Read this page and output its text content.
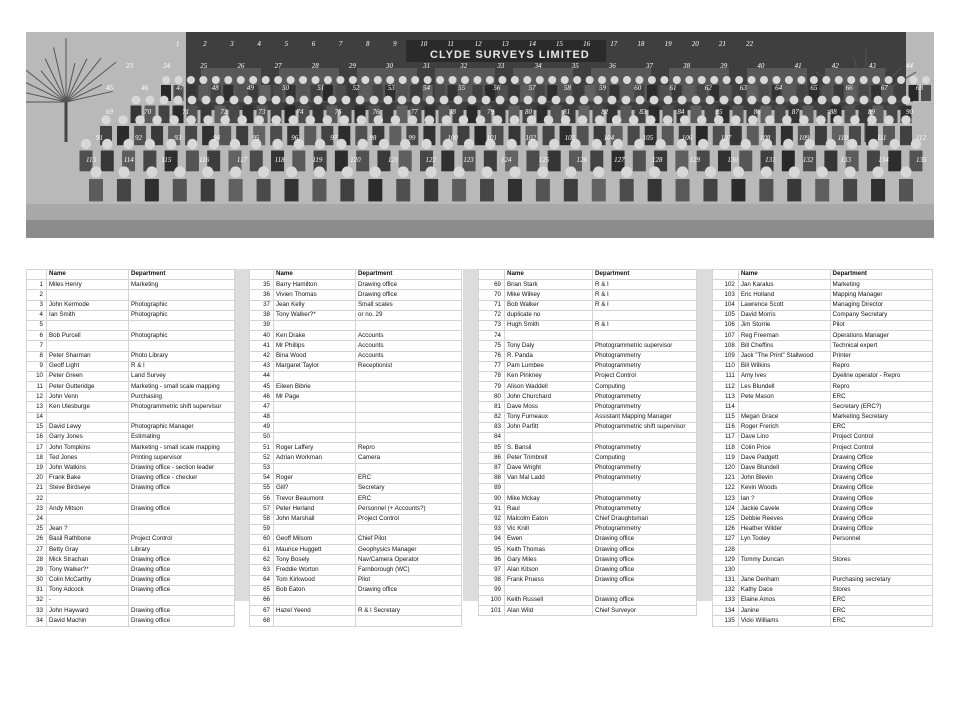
1	2	3	4	5	6	7	8	9	10	11	12	13	14	15	16	17	18	19	20	21	22
23	24	25	26	27	28	29	30	31	32	33	34	35	36	37	38	39	40	41	42	43	44
45	46	47	48	49	50	51	52	53	54	55	56	57	58	59	60	61	62	63	64	65	66	67	68
69	70	71	72	73	74	75	76	77	78	79	80	81	82	83	84	85	86	87	88	89	90
91	92	93	94	95	96	97	98	99	100	101	102	103	104	105	106	107	108	109	110	111	112
113	114	115	116	117	118	119	120	121	122	123	124	125	126	127	128	129	130	131	132	133	134	135
CLYDE SURVEYS LIMITED
	Name	Department
1	Miles Henry	Marketing
2		
3	John Kermode	Photographic
4	Ian Smith	Photographic
5		
6	Bob Purcell	Photographic
7		
8	Peter Sharman	Photo Library
9	Geoff Light	R & I
10	Peter Green	Land Survey
11	Peter Gutteridge	Marketing - small scale mapping
12	John Venn	Purchasing
13	Ken Ulesburge	Photogrammetric shift supervisor
14		
15	David Lewy	Photographic Manager
16	Garry Jones	Estimating
17	John Tompkins	Marketing - small scale mapping
18	Ted Jones	Printing supervisor
19	John Watkins	Drawing office - section leader
20	Frank Bake	Drawing office - checker
21	Steve Birdseye	Drawing office
22		
23	Andy Mitson	Drawing office
24		
25	Jean ?	
26	Basil Rathbone	Project Control
27	Betty Gray	Library
28	Mick Strachan	Drawing office
29	Tony Walker?*	Drawing office
30	Colin McCarthy	Drawing office
31	Tony Adcock	Drawing office
32	-	
33	John Hayward	Drawing office
34	David Machin	Drawing office
	Name	Department
35	Barry Hamilton	Drawing office
36	Vivien Thomas	Drawing office
37	Jean Kelly	Small scales
38	Tony Walker?*	or no. 29
39		
40	Ken Drake	Accounts
41	Mr Phillips	Accounts
42	Bina Wood	Accounts
43	Margaret Taylor	Receptionist
44		
45	Eileen Bibrie	
46	Mr Page	
47		
48		
49		
50		
51	Roger Laffery	Repro
52	Adrian Workman	Camera
53		
54	Roger	ERC
55	Gill?	Secretary
56	Trevor Beaumont	ERC
57	Peter Herland	Personnel (+ Accounts?)
58	John Marshall	Project Control
59		
60	Geoff Milsom	Chief Pilot
61	Maurice Huggett	Geophysics Manager
62	Tony Bosely	Nav/Camera Operator
63	Freddie Worton	Farnborough (WC)
64	Tom Kirkwood	Pilot
65	Bob Eaton	Drawing office
66		
67	Hazel Yeend	R & I Secretary
68		
	Name	Department
69	Brian Stark	R & I
70	Mike Wilkey	R & I
71	Bob Walker	R & I
72	duplicate no	
73	Hugh Smith	R & I
74		
75	Tony Daly	Photogrammetric supervisor
76	R. Panda	Photogrammetry
77	Pam Lumbee	Photogrammetry
78	Ken Pinkney	Project Control
79	Alison Waddell	Computing
80	John Churchard	Photogrammetry
81	Dave Moss	Photogrammetry
82	Tony Furneaux	Assistant Mapping Manager
83	John Parfitt	Photogrammetric shift supervisor
84		
85	S. Bansil	Photogrammetry
86	Peter Trimbrell	Computing
87	Dave Wright	Photogrammetry
88	Van Mal Ladd	Photogrammetry
89		
90	Mike Mckay	Photogrammetry
91	Raul	Photogrammetry
92	Malcolm Eaton	Chief Draughtsman
93	Vic Knill	Photogrammetry
94	Ewen	Drawing office
95	Keith Thomas	Drawing office
96	Gary Miles	Drawing office
97	Alan Kitson	Drawing office
98	Frank Pruess	Drawing office
99		
100	Keith Russell	Drawing office
101	Alan Wild	Chief Surveyor
	Name	Department
102	Jan Karalus	Marketing
103	Eric Holland	Mapping Manager
104	Lawrence Scott	Managing Director
105	David Morris	Company Secretary
106	Jim Storrie	Pilot
107	Reg Freeman	Operations Manager
108	Bill Cheffins	Technical expert
109	Jack "The Print" Stallwood	Printer
110	Bill Wilkins	Repro
111	Amy Ives	Dyeline operator - Repro
112	Les Blundell	Repro
113	Pete Mason	ERC
114		Secretary (ERC?)
115	Megan Grace	Marketing Secretary
116	Roger Frerich	ERC
117	Dave Lino	Project Control
118	Colin Price	Project Control
119	Dave Padgett	Drawing Office
120	Dave Blundell	Drawing Office
121	John Blevin	Drawing Office
122	Kevin Woods	Drawing Office
123	Ian ?	Drawing Office
124	Jackie Cavele	Drawing Office
125	Debbie Reeves	Drawing Office
126	Heather Wilder	Drawing Office
127	Lyn Tooley	Personnel
128		
129	Tommy Duncan	Stores
130		
131	Jane Denham	Purchasing secretary
132	Kathy Dace	Stores
133	Elaine Amos	ERC
134	Janine	ERC
135	Vicki Williams	ERC
